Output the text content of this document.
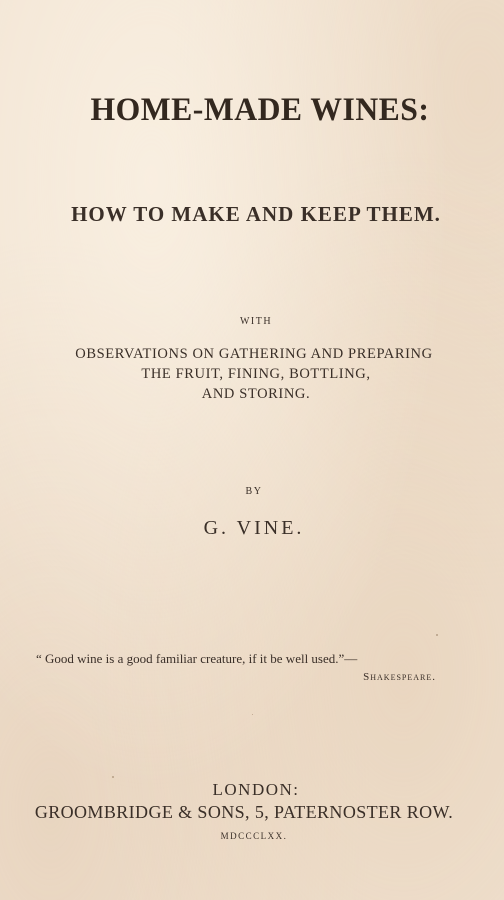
HOME-MADE WINES:
HOW TO MAKE AND KEEP THEM.

WITH

OBSERVATIONS ON GATHERING AND PREPARING

THE FRUIT, FINING, BOTTLING,

AND STORING.

BY

G. VINE.

“ Good wine is a good familiar creature, if it be well used.”—

Shakespeare.

LONDON:

GROOMBRIDGE & SONS, 5, PATERNOSTER ROW.

MDCCCLXX.
